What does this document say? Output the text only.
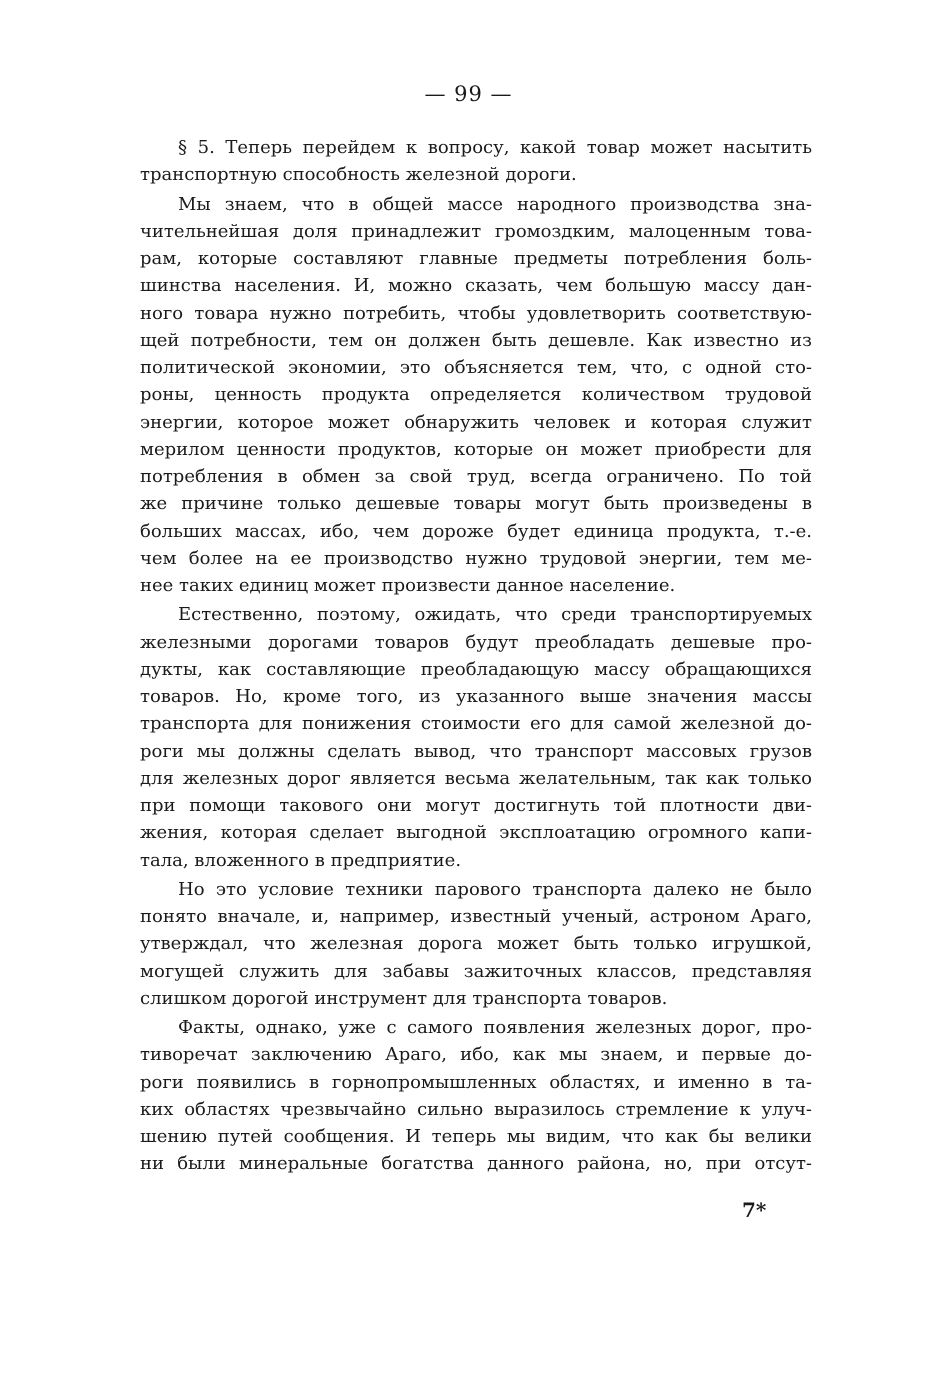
— 99 —
§ 5. Теперь перейдем к вопросу, какой товар может насытить
транспортную способность железной дороги.
Мы знаем, что в общей массе народного производства зна-
чительнейшая доля принадлежит громоздким, малоценным това-
рам, которые составляют главные предметы потребления боль-
шинства населения. И, можно сказать, чем большую массу дан-
ного товара нужно потребить, чтобы удовлетворить соответствую-
щей потребности, тем он должен быть дешевле. Как известно из
политической экономии, это объясняется тем, что, с одной сто-
роны, ценность продукта определяется количеством трудовой
энергии, которое может обнаружить человек и которая служит
мерилом ценности продуктов, которые он может приобрести для
потребления в обмен за свой труд, всегда ограничено. По той
же причине только дешевые товары могут быть произведены в
больших массах, ибо, чем дороже будет единица продукта, т.-е.
чем более на ее производство нужно трудовой энергии, тем ме-
нее таких единиц может произвести данное население.
Естественно, поэтому, ожидать, что среди транспортируемых
железными дорогами товаров будут преобладать дешевые про-
дукты, как составляющие преобладающую массу обращающихся
товаров. Но, кроме того, из указанного выше значения массы
транспорта для понижения стоимости его для самой железной до-
роги мы должны сделать вывод, что транспорт массовых грузов
для железных дорог является весьма желательным, так как только
при помощи такового они могут достигнуть той плотности дви-
жения, которая сделает выгодной эксплоатацию огромного капи-
тала, вложенного в предприятие.
Но это условие техники парового транспорта далеко не было
понято вначале, и, например, известный ученый, астроном Араго,
утверждал, что железная дорога может быть только игрушкой,
могущей служить для забавы зажиточных классов, представляя
слишком дорогой инструмент для транспорта товаров.
Факты, однако, уже с самого появления железных дорог, про-
тиворечат заключению Араго, ибо, как мы знаем, и первые до-
роги появились в горнопромышленных областях, и именно в та-
ких областях чрезвычайно сильно выразилось стремление к улуч-
шению путей сообщения. И теперь мы видим, что как бы велики
ни были минеральные богатства данного района, но, при отсут-
7*
